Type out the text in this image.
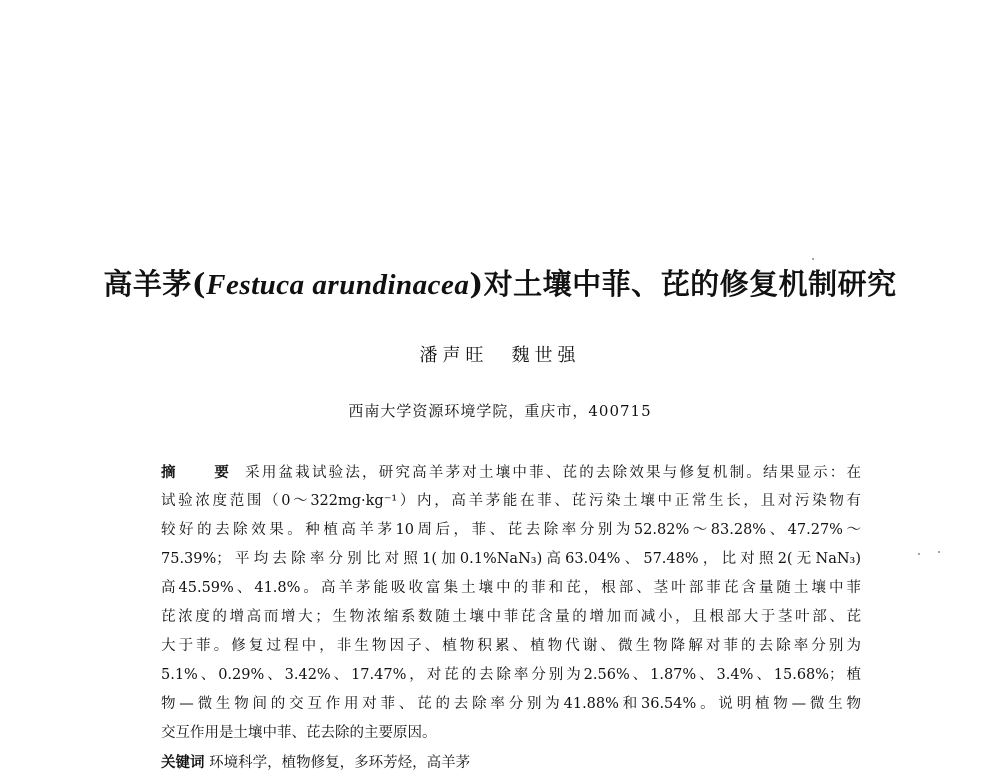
高羊茅(Festuca arundinacea)对土壤中菲、芘的修复机制研究
潘声旺　魏世强
西南大学资源环境学院，重庆市，400715
摘　要 采用盆栽试验法，研究高羊茅对土壤中菲、芘的去除效果与修复机制。结果显示：在
试验浓度范围（0～322mg·kg⁻¹）内，高羊茅能在菲、芘污染土壤中正常生长，且对污染物有
较好的去除效果。种植高羊茅10周后，菲、芘去除率分别为52.82%～83.28%、47.27%～
75.39%；平均去除率分别比对照1(加0.1%NaN₃)高63.04%、57.48%，比对照2(无NaN₃)
高45.59%、41.8%。高羊茅能吸收富集土壤中的菲和芘，根部、茎叶部菲芘含量随土壤中菲
芘浓度的增高而增大；生物浓缩系数随土壤中菲芘含量的增加而减小，且根部大于茎叶部、芘
大于菲。修复过程中，非生物因子、植物积累、植物代谢、微生物降解对菲的去除率分别为
5.1%、0.29%、3.42%、17.47%，对芘的去除率分别为2.56%、1.87%、3.4%、15.68%；植
物—微生物间的交互作用对菲、芘的去除率分别为41.88%和36.54%。说明植物—微生物
交互作用是土壤中菲、芘去除的主要原因。
关键词 环境科学，植物修复，多环芳烃，高羊茅
